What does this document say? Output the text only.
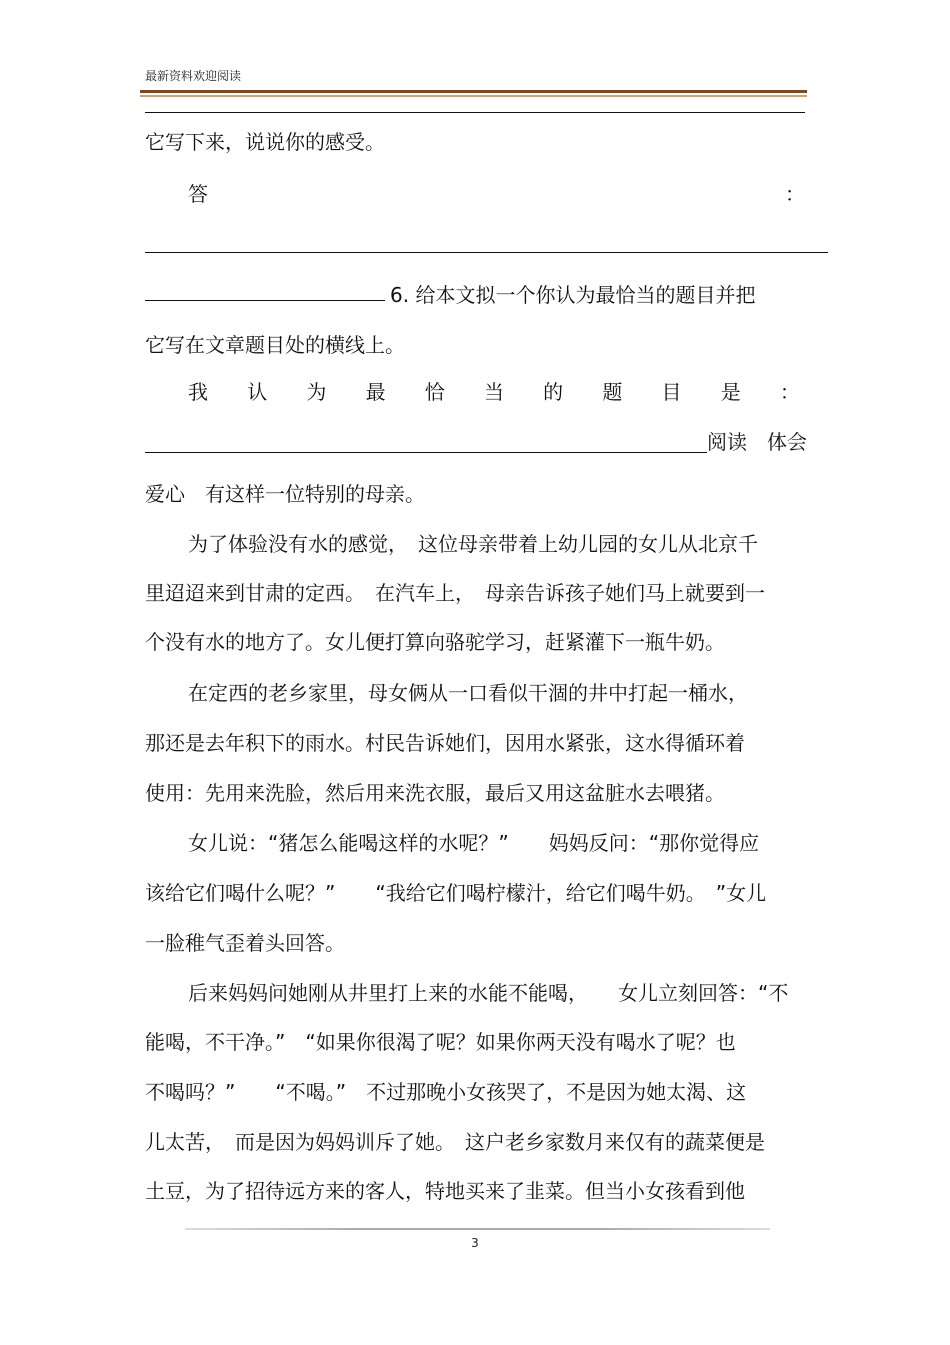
最新资料欢迎阅读
它写下来，说说你的感受。
答	：
6. 给本文拟一个你认为最恰当的题目并把
它写在文章题目处的横线上。
我 认 为 最 恰 当 的 题 目 是 ：
阅读　体会
爱心　有这样一位特别的母亲。
为了体验没有水的感觉，　这位母亲带着上幼儿园的女儿从北京千
里迢迢来到甘肃的定西。　在汽车上，　母亲告诉孩子她们马上就要到一
个没有水的地方了。女儿便打算向骆驼学习，赶紧灌下一瓶牛奶。
在定西的老乡家里，母女俩从一口看似干涸的井中打起一桶水，
那还是去年积下的雨水。村民告诉她们，因用水紧张，这水得循环着
使用：先用来洗脸，然后用来洗衣服，最后又用这盆脏水去喂猪。
女儿说：“猪怎么能喝这样的水呢？”　　妈妈反问：“那你觉得应
该给它们喝什么呢？”　　“我给它们喝柠檬汁，给它们喝牛奶。　”女儿
一脸稚气歪着头回答。
后来妈妈问她刚从井里打上来的水能不能喝，　　女儿立刻回答：“不
能喝，不干净。”　“如果你很渴了呢？如果你两天没有喝水了呢？也
不喝吗？”　　“不喝。”　不过那晚小女孩哭了，不是因为她太渴、这
儿太苦，　而是因为妈妈训斥了她。　这户老乡家数月来仅有的蔬菜便是
土豆，为了招待远方来的客人，特地买来了韭菜。但当小女孩看到他
3
